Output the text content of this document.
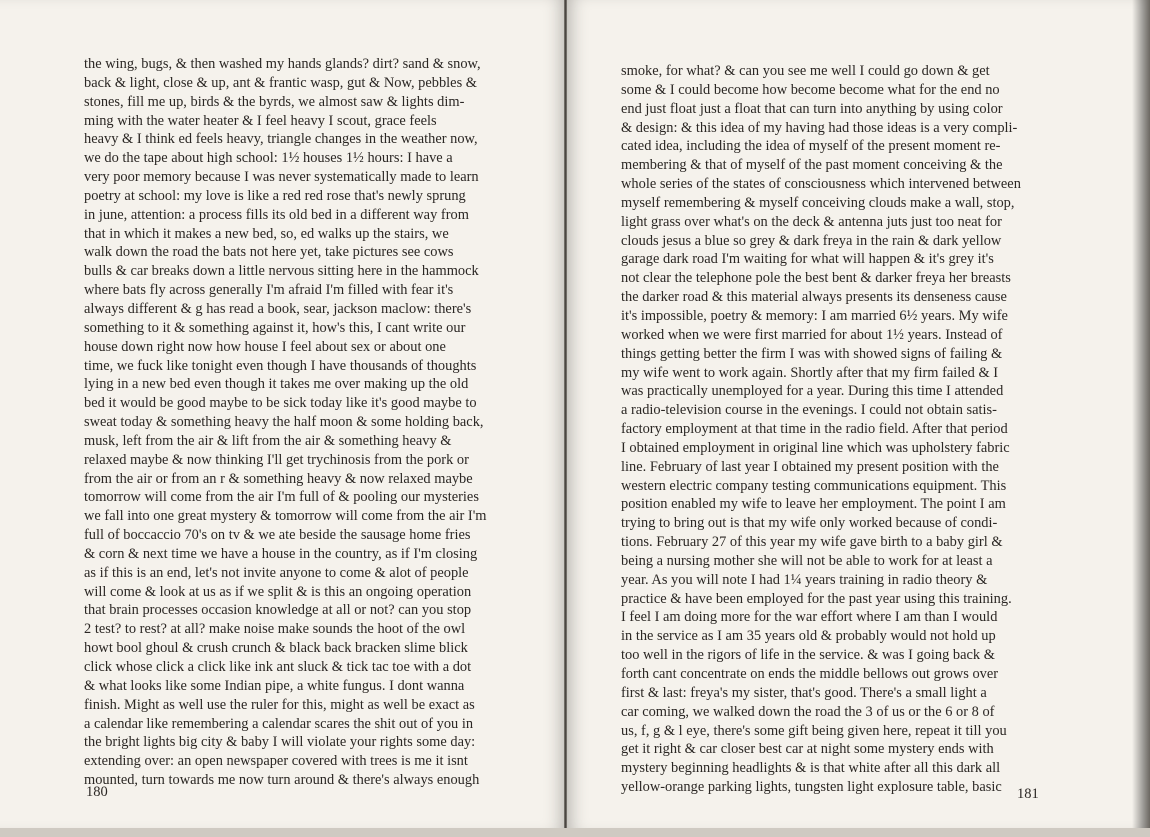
the wing, bugs, & then washed my hands glands? dirt? sand & snow,
back & light, close & up, ant & frantic wasp, gut & Now, pebbles &
stones, fill me up, birds & the byrds, we almost saw & lights dim-
ming with the water heater & I feel heavy I scout, grace feels
heavy & I think ed feels heavy, triangle changes in the weather now,
we do the tape about high school: 1½ houses 1½ hours: I have a
very poor memory because I was never systematically made to learn
poetry at school: my love is like a red red rose that's newly sprung
in june, attention: a process fills its old bed in a different way from
that in which it makes a new bed, so, ed walks up the stairs, we
walk down the road the bats not here yet, take pictures see cows
bulls & car breaks down a little nervous sitting here in the hammock
where bats fly across generally I'm afraid I'm filled with fear it's
always different & g has read a book, sear, jackson maclow: there's
something to it & something against it, how's this, I cant write our
house down right now how house I feel about sex or about one
time, we fuck like tonight even though I have thousands of thoughts
lying in a new bed even though it takes me over making up the old
bed it would be good maybe to be sick today like it's good maybe to
sweat today & something heavy the half moon & some holding back,
musk, left from the air & lift from the air & something heavy &
relaxed maybe & now thinking I'll get trychinosis from the pork or
from the air or from an r & something heavy & now relaxed maybe
tomorrow will come from the air I'm full of & pooling our mysteries
we fall into one great mystery & tomorrow will come from the air I'm
full of boccaccio 70's on tv & we ate beside the sausage home fries
& corn & next time we have a house in the country, as if I'm closing
as if this is an end, let's not invite anyone to come & alot of people
will come & look at us as if we split & is this an ongoing operation
that brain processes occasion knowledge at all or not? can you stop
2 test? to rest? at all? make noise make sounds the hoot of the owl
howt bool ghoul & crush crunch & black back bracken slime blick
click whose click a click like ink ant sluck & tick tac toe with a dot
& what looks like some Indian pipe, a white fungus. I dont wanna
finish. Might as well use the ruler for this, might as well be exact as
a calendar like remembering a calendar scares the shit out of you in
the bright lights big city & baby I will violate your rights some day:
extending over: an open newspaper covered with trees is me it isnt
mounted, turn towards me now turn around & there's always enough
180
smoke, for what? & can you see me well I could go down & get
some & I could become how become become what for the end no
end just float just a float that can turn into anything by using color
& design: & this idea of my having had those ideas is a very compli-
cated idea, including the idea of myself of the present moment re-
membering & that of myself of the past moment conceiving & the
whole series of the states of consciousness which intervened between
myself remembering & myself conceiving clouds make a wall, stop,
light grass over what's on the deck & antenna juts just too neat for
clouds jesus a blue so grey & dark freya in the rain & dark yellow
garage dark road I'm waiting for what will happen & it's grey it's
not clear the telephone pole the best bent & darker freya her breasts
the darker road & this material always presents its denseness cause
it's impossible, poetry & memory: I am married 6½ years. My wife
worked when we were first married for about 1½ years. Instead of
things getting better the firm I was with showed signs of failing &
my wife went to work again. Shortly after that my firm failed & I
was practically unemployed for a year. During this time I attended
a radio-television course in the evenings. I could not obtain satis-
factory employment at that time in the radio field. After that period
I obtained employment in original line which was upholstery fabric
line. February of last year I obtained my present position with the
western electric company testing communications equipment. This
position enabled my wife to leave her employment. The point I am
trying to bring out is that my wife only worked because of condi-
tions. February 27 of this year my wife gave birth to a baby girl &
being a nursing mother she will not be able to work for at least a
year. As you will note I had 1¼ years training in radio theory &
practice & have been employed for the past year using this training.
I feel I am doing more for the war effort where I am than I would
in the service as I am 35 years old & probably would not hold up
too well in the rigors of life in the service. & was I going back &
forth cant concentrate on ends the middle bellows out grows over
first & last: freya's my sister, that's good. There's a small light a
car coming, we walked down the road the 3 of us or the 6 or 8 of
us, f, g & l eye, there's some gift being given here, repeat it till you
get it right & car closer best car at night some mystery ends with
mystery beginning headlights & is that white after all this dark all
yellow-orange parking lights, tungsten light explosure table, basic	181
